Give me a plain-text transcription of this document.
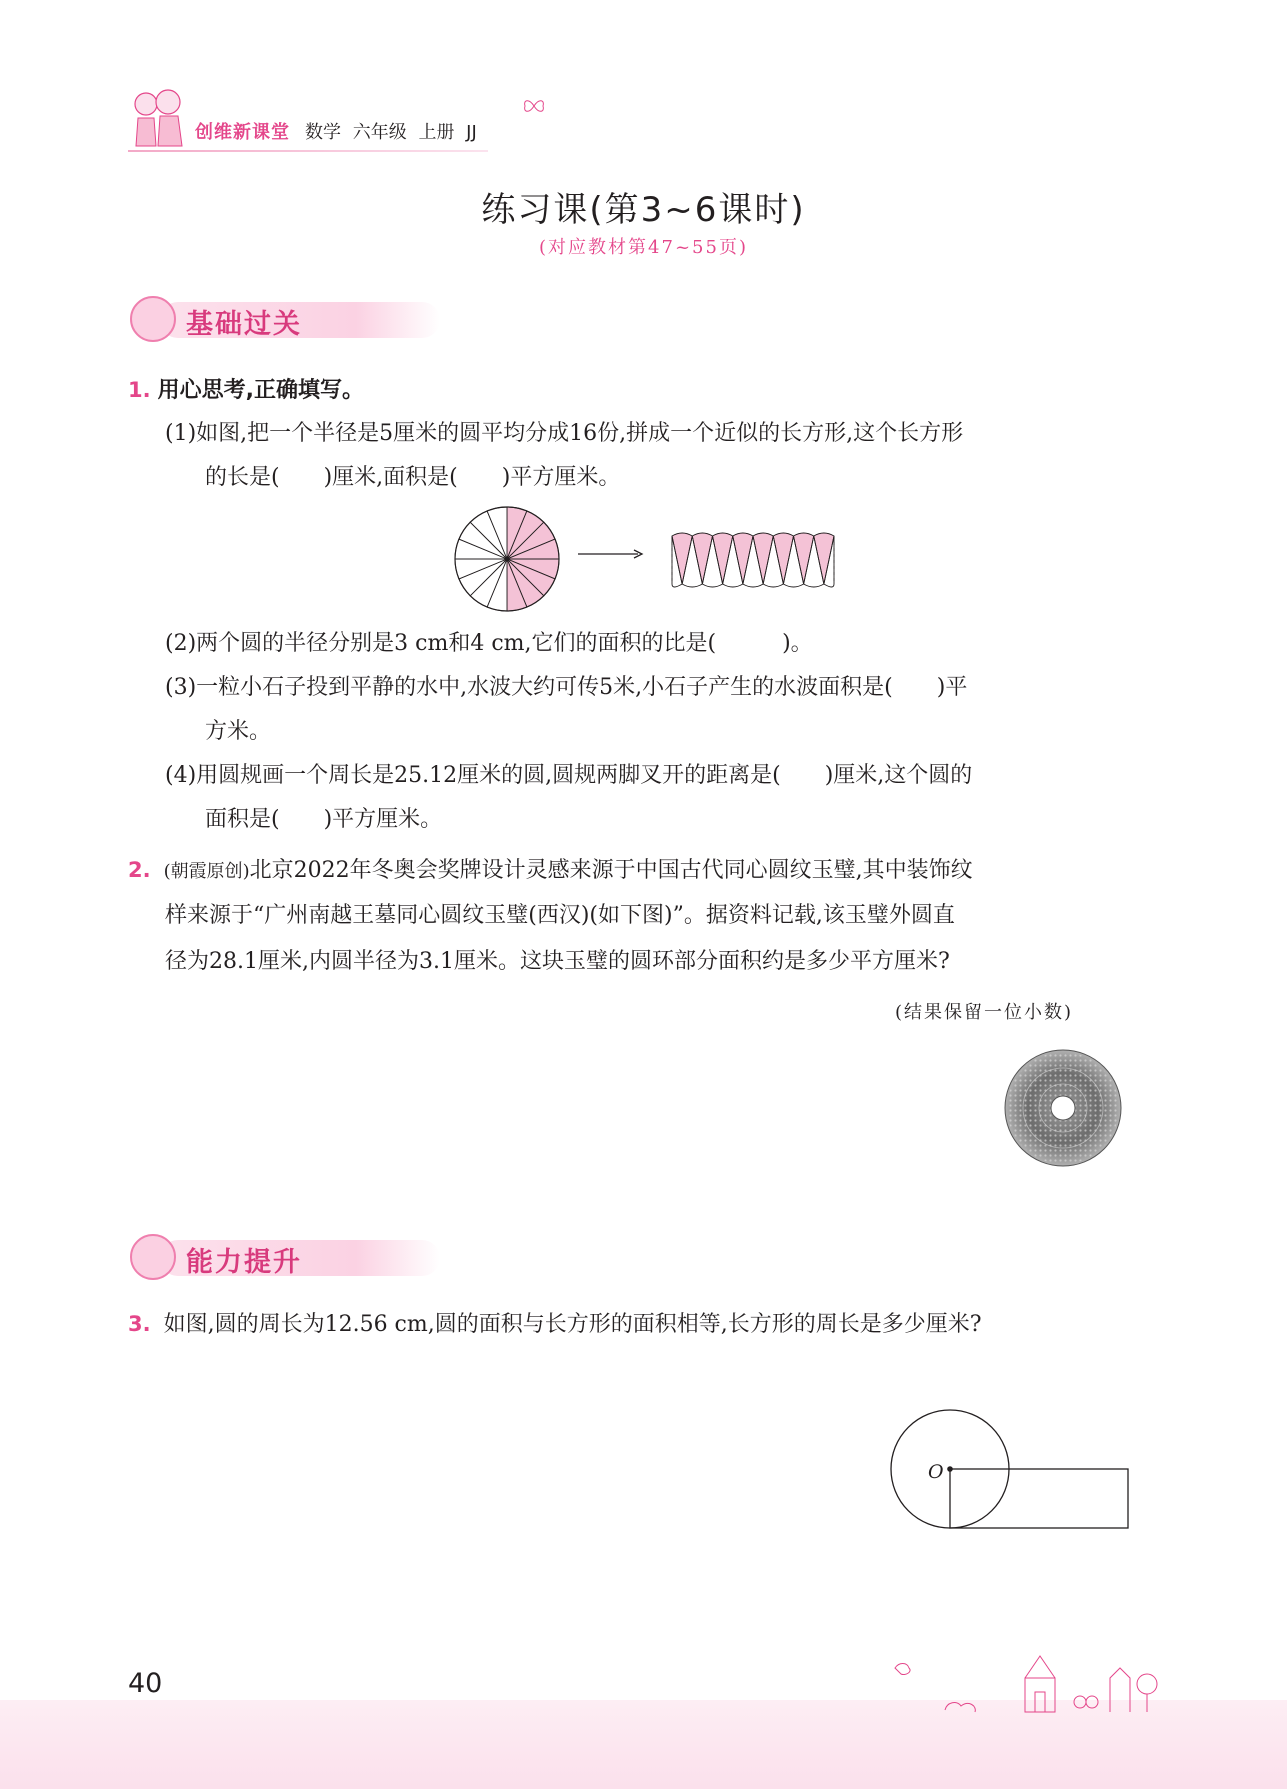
创维新课堂 数学 六年级 上册 JJ
练习课(第3~6课时)
(对应教材第47~55页)
基础过关
1. 用心思考,正确填写。
(1)如图,把一个半径是5厘米的圆平均分成16份,拼成一个近似的长方形,这个长方形
的长是(　　)厘米,面积是(　　)平方厘米。
(2)两个圆的半径分别是3 cm和4 cm,它们的面积的比是(　　　)。
(3)一粒小石子投到平静的水中,水波大约可传5米,小石子产生的水波面积是(　　)平
方米。
(4)用圆规画一个周长是25.12厘米的圆,圆规两脚叉开的距离是(　　)厘米,这个圆的
面积是(　　)平方厘米。
2. (朝霞原创)北京2022年冬奥会奖牌设计灵感来源于中国古代同心圆纹玉璧,其中装饰纹
样来源于“广州南越王墓同心圆纹玉璧(西汉)(如下图)”。据资料记载,该玉璧外圆直
径为28.1厘米,内圆半径为3.1厘米。这块玉璧的圆环部分面积约是多少平方厘米?
(结果保留一位小数)
能力提升
3. 如图,圆的周长为12.56 cm,圆的面积与长方形的面积相等,长方形的周长是多少厘米?
O
40
